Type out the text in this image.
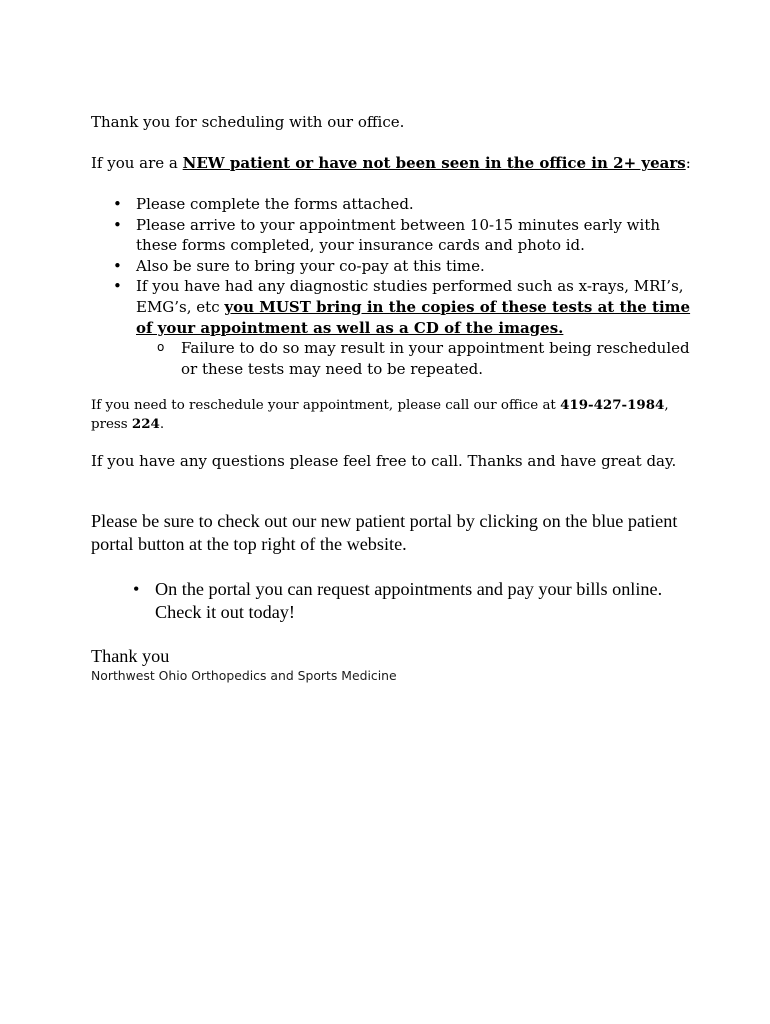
Thank you for scheduling with our office.

If you are a NEW patient or have not been seen in the office in 2+ years:

• Please complete the forms attached.
• Please arrive to your appointment between 10-15 minutes early with these forms completed, your insurance cards and photo id.
• Also be sure to bring your co-pay at this time.
• If you have had any diagnostic studies performed such as x-rays, MRI’s, EMG’s, etc you MUST bring in the copies of these tests at the time of your appointment as well as a CD of the images.
o Failure to do so may result in your appointment being rescheduled or these tests may need to be repeated.

If you need to reschedule your appointment, please call our office at 419-427-1984, press 224.

If you have any questions please feel free to call. Thanks and have great day.

Please be sure to check out our new patient portal by clicking on the blue patient portal button at the top right of the website.

• On the portal you can request appointments and pay your bills online. Check it out today!

Thank you

Northwest Ohio Orthopedics and Sports Medicine
